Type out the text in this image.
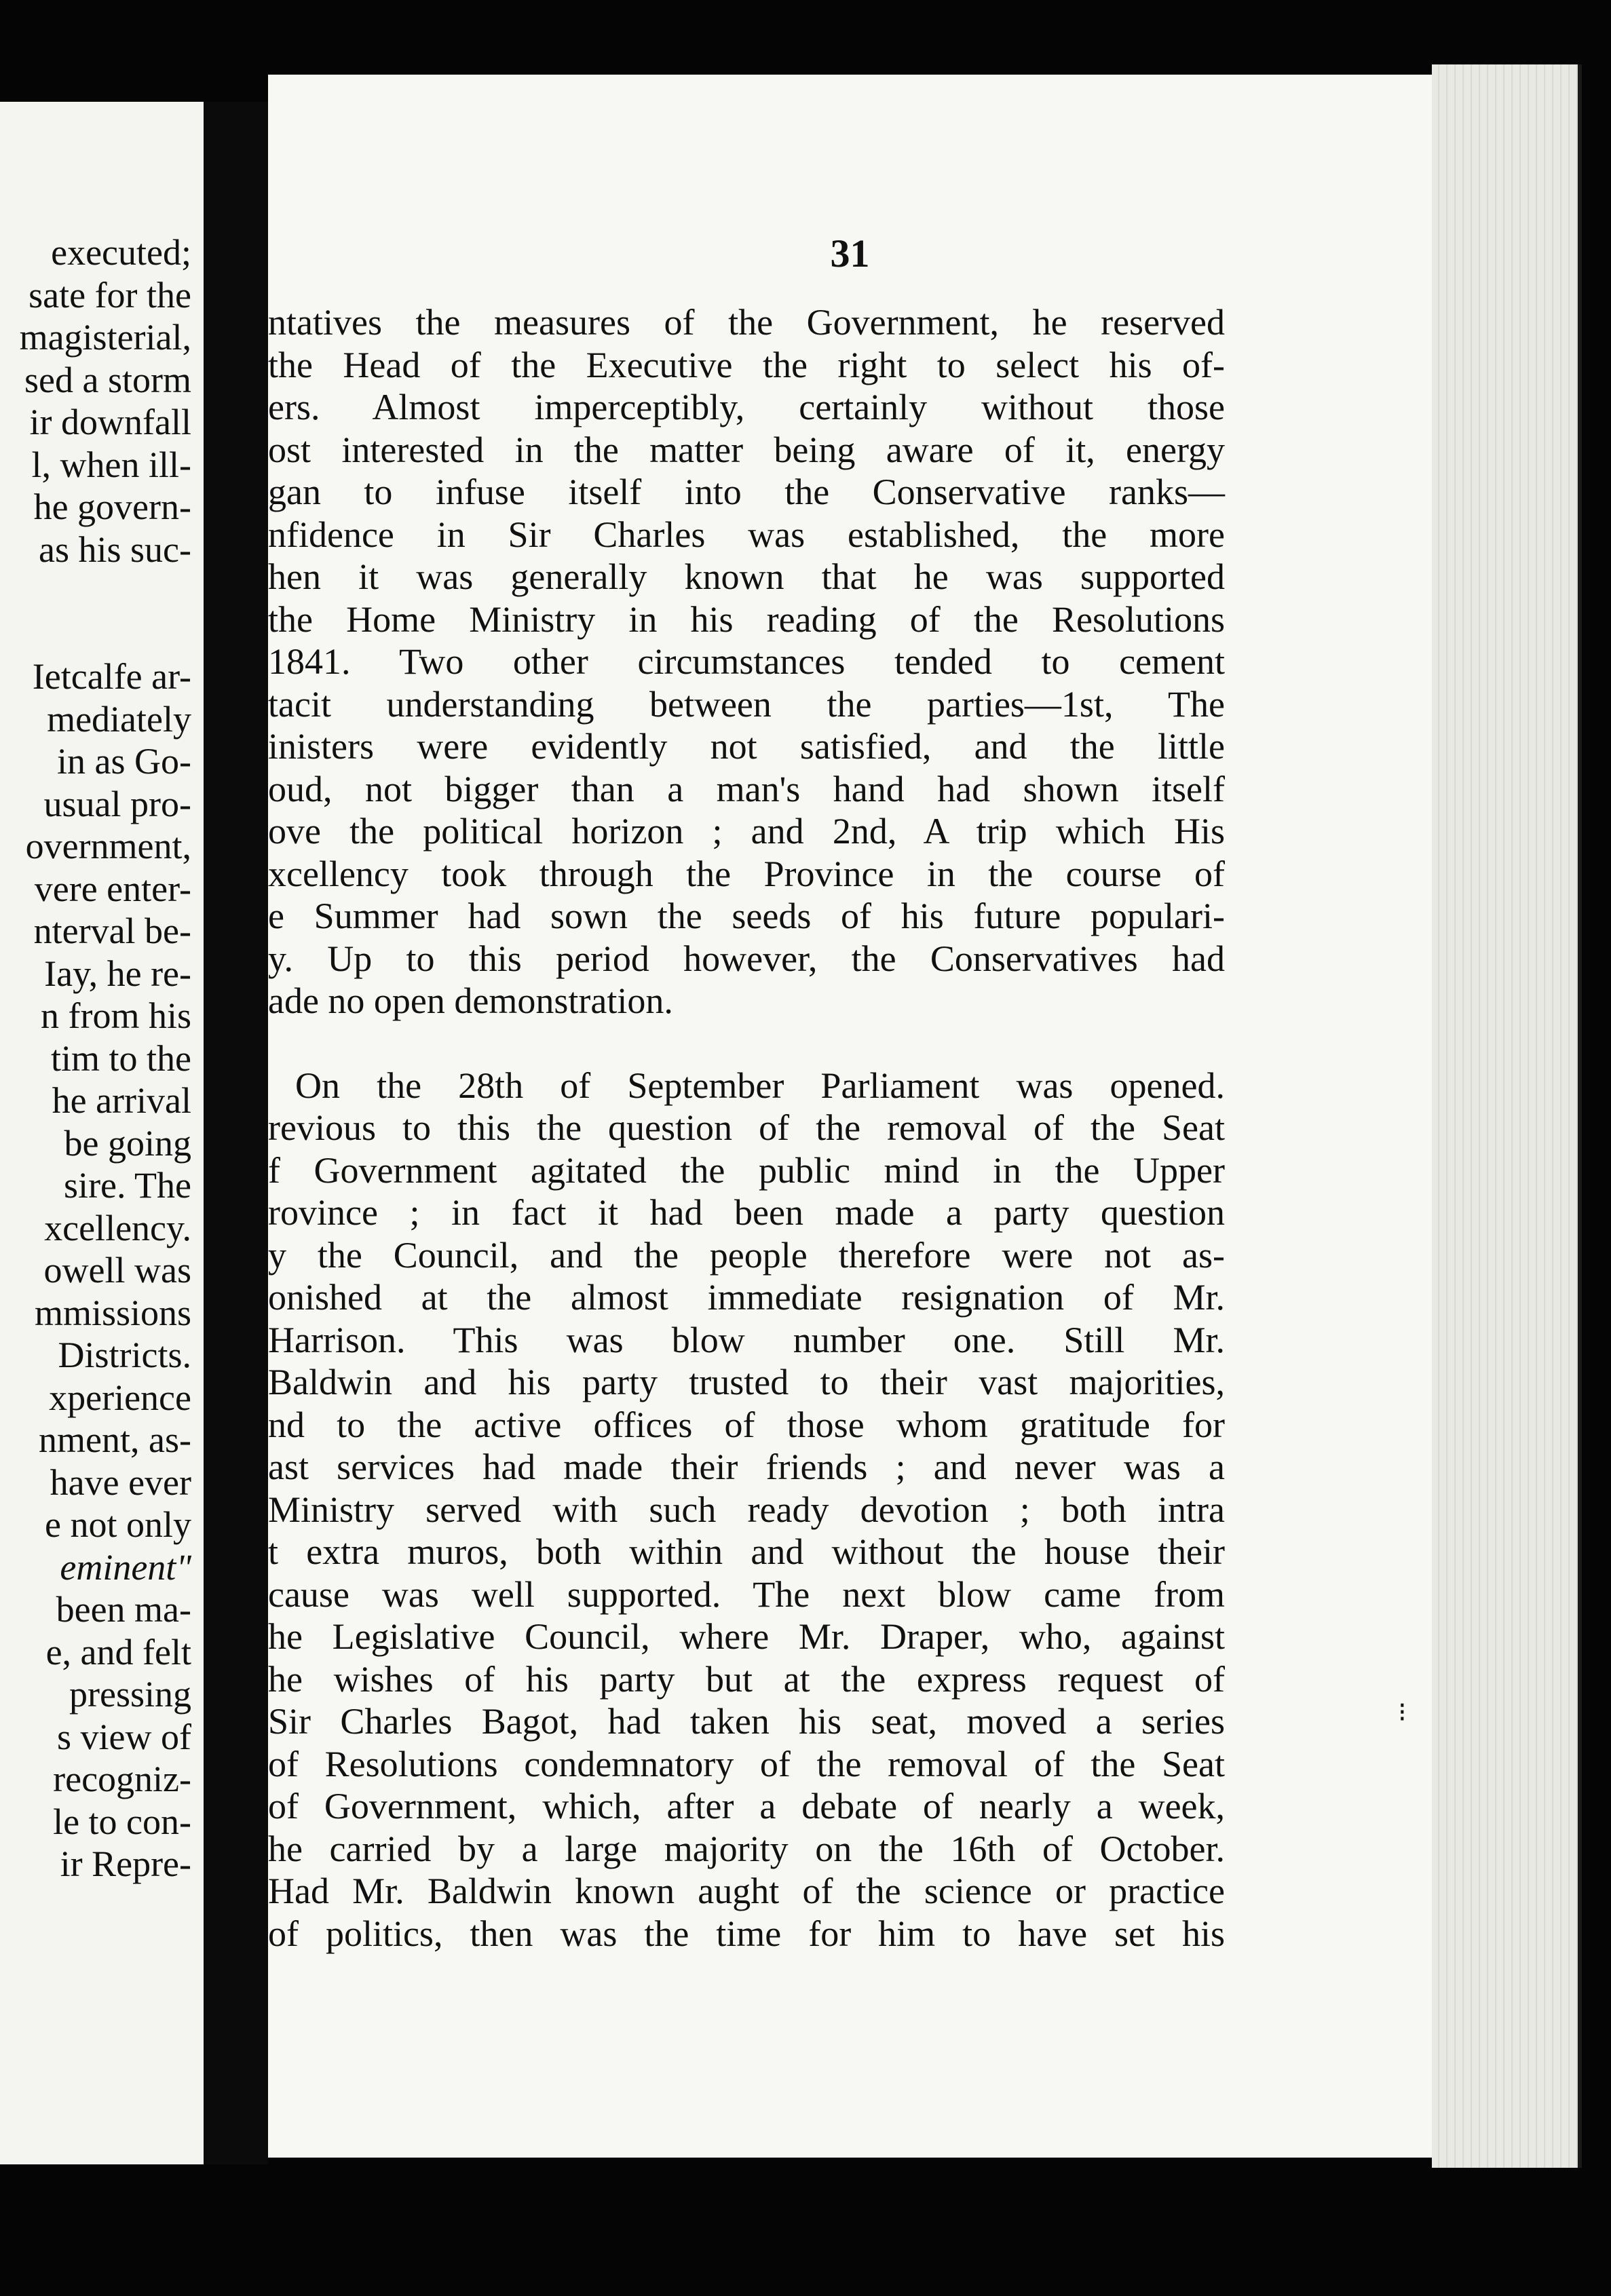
executed;
sate for the
magisterial,
sed a storm
ir downfall
l, when ill-
he govern-
as his suc-
Ietcalfe ar-
mediately
in as Go-
usual pro-
overnment,
vere enter-
nterval be-
Iay, he re-
n from his
tim to the
he arrival
be going
sire. The
xcellency.
owell was
mmissions
Districts.
xperience
nment, as-
have ever
e not only
eminent"
been ma-
e, and felt
pressing
s view of
recogniz-
le to con-
ir Repre-
31
ntatives the measures of the Government, he reserved
the Head of the Executive the right to select his of-
ers. Almost imperceptibly, certainly without those
ost interested in the matter being aware of it, energy
gan to infuse itself into the Conservative ranks—
nfidence in Sir Charles was established, the more
hen it was generally known that he was supported
the Home Ministry in his reading of the Resolutions
1841. Two other circumstances tended to cement
tacit understanding between the parties—1st, The
inisters were evidently not satisfied, and the little
oud, not bigger than a man's hand had shown itself
ove the political horizon ; and 2nd, A trip which His
xcellency took through the Province in the course of
e Summer had sown the seeds of his future populari-
y. Up to this period however, the Conservatives had
ade no open demonstration.
On the 28th of September Parliament was opened.
revious to this the question of the removal of the Seat
f Government agitated the public mind in the Upper
rovince ; in fact it had been made a party question
y the Council, and the people therefore were not as-
onished at the almost immediate resignation of Mr.
Harrison. This was blow number one. Still Mr.
Baldwin and his party trusted to their vast majorities,
nd to the active offices of those whom gratitude for
ast services had made their friends ; and never was a
Ministry served with such ready devotion ; both intra
t extra muros, both within and without the house their
cause was well supported. The next blow came from
he Legislative Council, where Mr. Draper, who, against
he wishes of his party but at the express request of
Sir Charles Bagot, had taken his seat, moved a series
of Resolutions condemnatory of the removal of the Seat
of Government, which, after a debate of nearly a week,
he carried by a large majority on the 16th of October.
Had Mr. Baldwin known aught of the science or practice
of politics, then was the time for him to have set his
⁝
